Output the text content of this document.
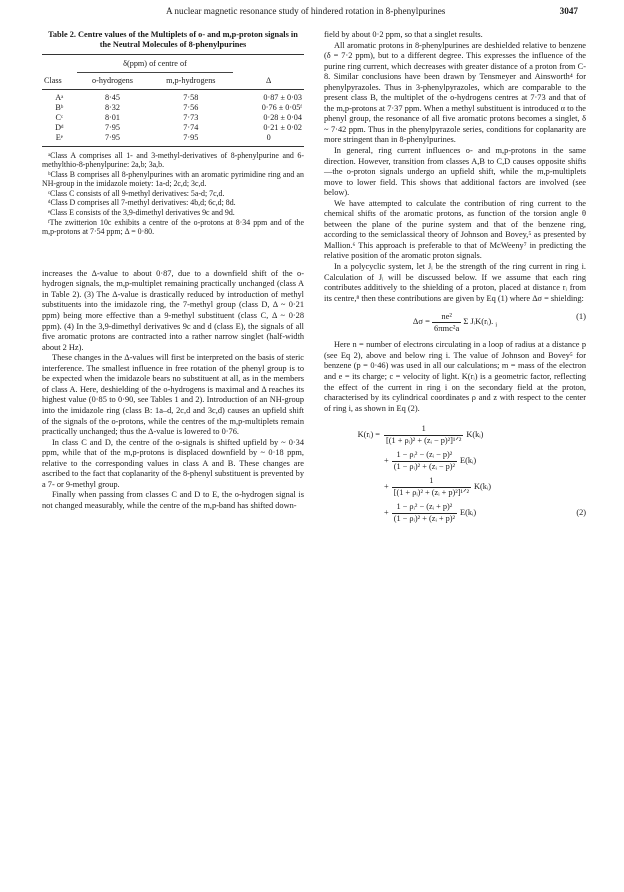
A nuclear magnetic resonance study of hindered rotation in 8-phenylpurines	3047
Table 2. Centre values of the Multiplets of o- and m,p-proton signals in the Neutral Molecules of 8-phenylpurines
	δ(ppm) of centre of		
Class	o-hydrogens	m,p-hydrogens	Δ
Aᵃ	8·45	7·58	0·87 ± 0·03
Bᵇ	8·32	7·56	0·76 ± 0·05ᶠ
Cᶜ	8·01	7·73	0·28 ± 0·04
Dᵈ	7·95	7·74	0·21 ± 0·02
Eᵉ	7·95	7·95	0

ᵃClass A comprises all 1- and 3-methyl-derivatives of 8-phenylpurine and 6-methylthio-8-phenylpurine: 2a,b; 3a,b.

ᵇClass B comprises all 8-phenylpurines with an aromatic pyrimidine ring and an NH-group in the imidazole moiety: 1a-d; 2c,d; 3c,d.

ᶜClass C consists of all 9-methyl derivatives: 5a-d; 7c,d.

ᵈClass D comprises all 7-methyl derivatives: 4b,d; 6c,d; 8d.

ᵉClass E consists of the 3,9-dimethyl derivatives 9c and 9d.

ᶠThe zwitterion 10c exhibits a centre of the o-protons at 8·34 ppm and of the m,p-protons at 7·54 ppm; Δ = 0·80.

increases the Δ-value to about 0·87, due to a downfield shift of the o-hydrogen signals, the m,p-multiplet remaining practically unchanged (class A in Table 2). (3) The Δ-value is drastically reduced by introduction of methyl substituents into the imidazole ring, the 7-methyl group (class D, Δ ~ 0·21 ppm) being more effective than a 9-methyl substituent (class C, Δ ~ 0·28 ppm). (4) In the 3,9-dimethyl derivatives 9c and d (class E), the signals of all five aromatic protons are contracted into a rather narrow singlet (half-width about 2 Hz).

These changes in the Δ-values will first be interpreted on the basis of steric interference. The smallest influence in free rotation of the phenyl group is to be expected when the imidazole bears no substituent at all, as in the members of class A. Here, deshielding of the o-hydrogens is maximal and Δ reaches its highest value (0·85 to 0·90, see Tables 1 and 2). Introduction of an NH-group into the imidazole ring (class B: 1a–d, 2c,d and 3c,d) causes an upfield shift of the signals of the o-protons, while the centres of the m,p-multiplets remain practically unchanged; thus the Δ-value is lowered to 0·76.

In class C and D, the centre of the o-signals is shifted upfield by ~ 0·34 ppm, while that of the m,p-protons is displaced downfield by ~ 0·18 ppm, relative to the corresponding values in class A and B. These changes are ascribed to the fact that coplanarity of the 8-phenyl substituent is prevented by a 7- or 9-methyl group.

Finally when passing from classes C and D to E, the o-hydrogen signal is not changed measurably, while the centre of the m,p-band has shifted down-

field by about 0·2 ppm, so that a singlet results.

All aromatic protons in 8-phenylpurines are deshielded relative to benzene (δ = 7·2 ppm), but to a different degree. This expresses the influence of the purine ring current, which decreases with greater distance of a proton from C-8. Similar conclusions have been drawn by Tensmeyer and Ainsworth⁴ for phenylpyrazoles. Thus in 3-phenylpyrazoles, which are comparable to the present class B, the multiplet of the o-hydrogens centres at 7·73 and that of the m,p-protons at 7·37 ppm. When a methyl substituent is introduced α to the phenyl group, the resonance of all five aromatic protons becomes a singlet, δ ~ 7·42 ppm. Thus in the phenylpyrazole series, conditions for coplanarity are more stringent than in 8-phenylpurines.

In general, ring current influences o- and m,p-protons in the same direction. However, transition from classes A,B to C,D causes opposite shifts—the o-proton signals undergo an upfield shift, while the m,p-multiplets move to lower field. This shows that additional factors are involved (see below).

We have attempted to calculate the contribution of ring current to the chemical shifts of the aromatic protons, as function of the torsion angle θ between the plane of the purine system and that of the benzene ring, according to the semiclassical theory of Johnson and Bovey,⁵ as presented by Mallion.⁶ This approach is preferable to that of McWeeny⁷ in predicting the relative position of the aromatic proton signals.

In a polycyclic system, let Jᵢ be the strength of the ring current in ring i. Calculation of Jᵢ will be discussed below. If we assume that each ring contributes additively to the shielding of a proton, placed at distance rᵢ from its centre,⁸ then these contributions are given by Eq (1) where Δσ = shielding:

$\Delta\sigma = \frac{\text{ne²}}{\text{6πmc²a}}$ Σ JᵢK(rᵢ). $_i$
(1)

Here n = number of electrons circulating in a loop of radius at a distance p (see Eq 2), above and below ring i. The value of Johnson and Bovey⁵ for benzene (p = 0·46) was used in all our calculations; m = mass of the electron and e = its charge; c = velocity of light. K(rᵢ) is a geometric factor, reflecting the effect of the current in ring i on the secondary field at the proton, characterised by its cylindrical coordinates ρ and z with respect to the center of ring i, as shown in Eq (2).

K(rᵢ) = $\frac{1}{\text{[(1 + ρᵢ)² + (zᵢ − p)²]¹ᐟ²}}$ K(kᵢ)
+ $\frac{\text{1 − ρᵢ² − (zᵢ − p)²}}{\text{(1 − ρᵢ)² + (zᵢ − p)²}}$ E(kᵢ)
+ $\frac{1}{\text{[(1 + ρᵢ)² + (zᵢ + p)²]¹ᐟ²}}$ K(kᵢ)
+ $\frac{\text{1 − ρᵢ² − (zᵢ + p)²}}{\text{(1 − ρᵢ)² + (zᵢ + p)²}}$ E(kᵢ)	(2)
